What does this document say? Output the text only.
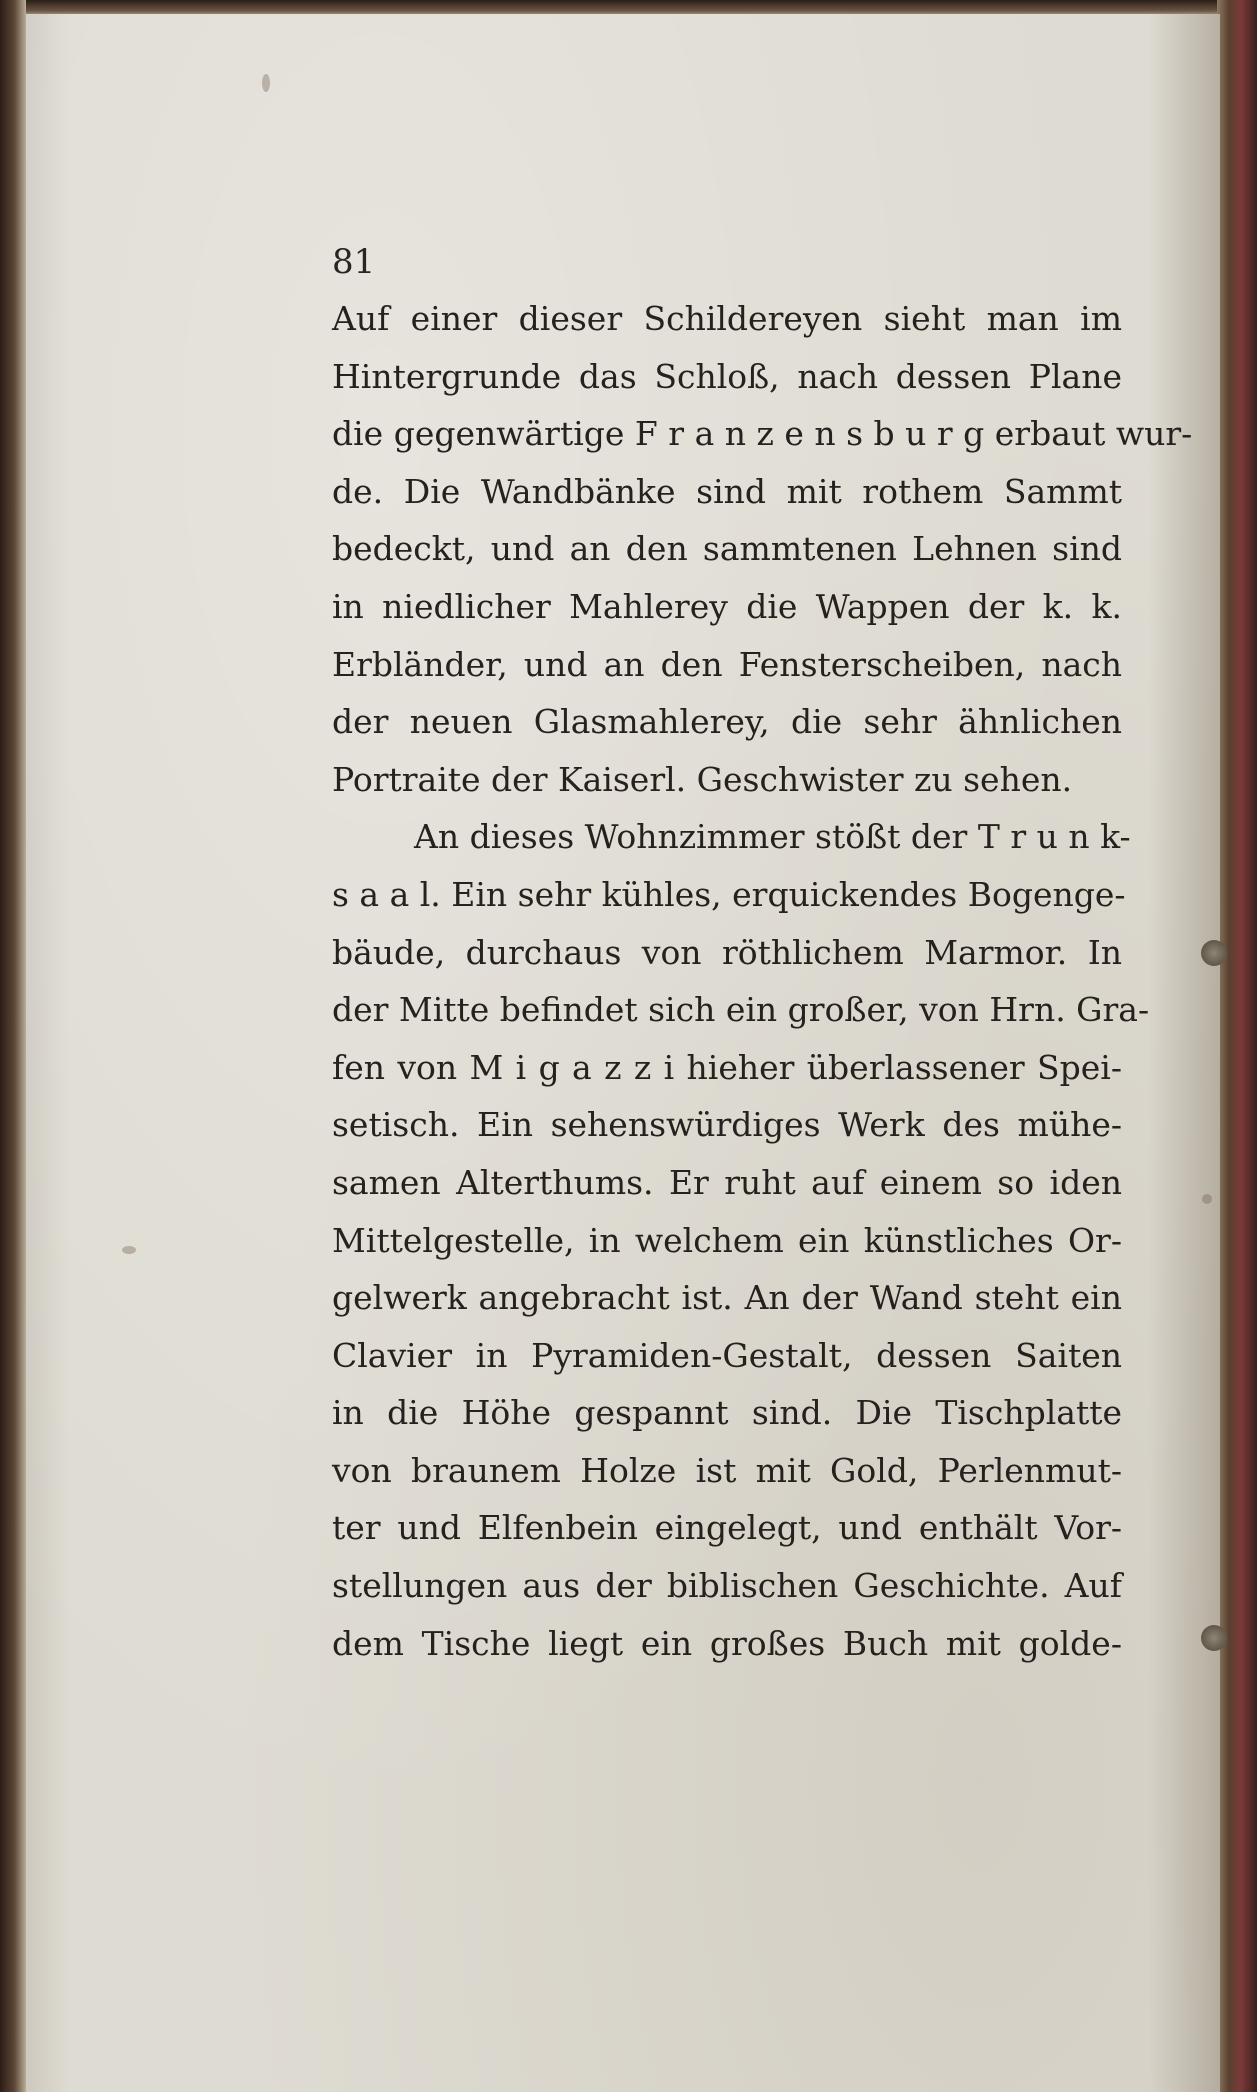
81
Auf einer dieser Schildereyen sieht man im
Hintergrunde das Schloß, nach dessen Plane
die gegenwärtige F r a n z e n s b u r g erbaut wur-
de. Die Wandbänke sind mit rothem Sammt
bedeckt, und an den sammtenen Lehnen sind
in niedlicher Mahlerey die Wappen der k. k.
Erbländer, und an den Fensterscheiben, nach
der neuen Glasmahlerey, die sehr ähnlichen
Portraite der Kaiserl. Geschwister zu sehen.
An dieses Wohnzimmer stößt der T r u n k-
s a a l. Ein sehr kühles, erquickendes Bogenge-
bäude, durchaus von röthlichem Marmor. In
der Mitte befindet sich ein großer, von Hrn. Gra-
fen von M i g a z z i hieher überlassener Spei-
setisch. Ein sehenswürdiges Werk des mühe-
samen Alterthums. Er ruht auf einem so iden
Mittelgestelle, in welchem ein künstliches Or-
gelwerk angebracht ist. An der Wand steht ein
Clavier in Pyramiden-Gestalt, dessen Saiten
in die Höhe gespannt sind. Die Tischplatte
von braunem Holze ist mit Gold, Perlenmut-
ter und Elfenbein eingelegt, und enthält Vor-
stellungen aus der biblischen Geschichte. Auf
dem Tische liegt ein großes Buch mit golde-
